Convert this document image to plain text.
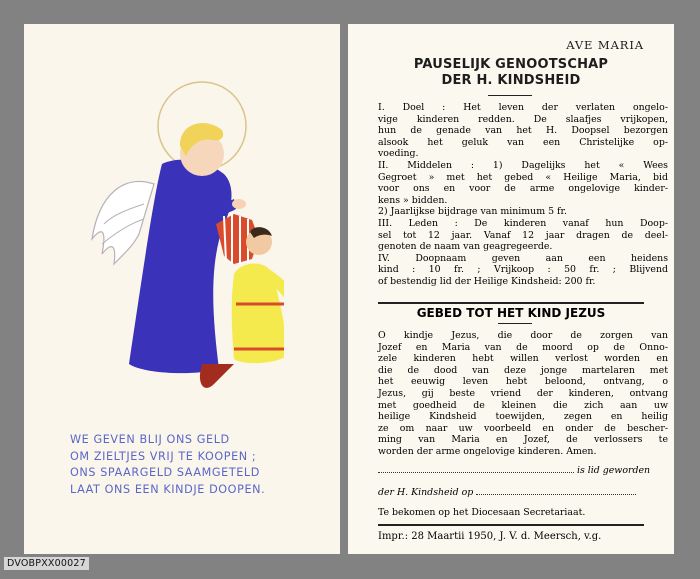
WE GEVEN BLIJ ONS GELD
OM ZIELTJES VRIJ TE KOOPEN ;
ONS SPAARGELD SAAMGETELD
LAAT ONS EEN KINDJE DOOPEN.
AVE MARIA
PAUSELIJK GENOOTSCHAP
DER H. KINDSHEID
I. Doel : Het leven der verlaten ongelo-
vige kinderen redden. De slaafjes vrijkopen,
hun de genade van het H. Doopsel bezorgen
alsook het geluk van een Christelijke op-
voeding.
II. Middelen : 1) Dagelijks het « Wees
Gegroet » met het gebed « Heilige Maria, bid
voor ons en voor de arme ongelovige kinder-
kens » bidden.
2) Jaarlijkse bijdrage van minimum 5 fr.
III. Leden : De kinderen vanaf hun Doop-
sel tot 12 jaar. Vanaf 12 jaar dragen de deel-
genoten de naam van geagregeerde.
IV. Doopnaam geven aan een heidens
kind : 10 fr. ; Vrijkoop : 50 fr. ; Blijvend
of bestendig lid der Heilige Kindsheid: 200 fr.
GEBED TOT HET KIND JEZUS
O kindje Jezus, die door de zorgen van
Jozef en Maria van de moord op de Onno-
zele kinderen hebt willen verlost worden en
die de dood van deze jonge martelaren met
het eeuwig leven hebt beloond, ontvang, o
Jezus, gij beste vriend der kinderen, ontvang
met goedheid de kleinen die zich aan uw
heilige Kindsheid toewijden, zegen en heilig
ze om naar uw voorbeeld en onder de bescher-
ming van Maria en Jozef, de verlossers te
worden der arme ongelovige kinderen. Amen.
is lid geworden
der H. Kindsheid op
Te bekomen op het Diocesaan Secretariaat.
Impr.: 28 Maartii 1950, J. V. d. Meersch, v.g.
DVOBPXX00027
